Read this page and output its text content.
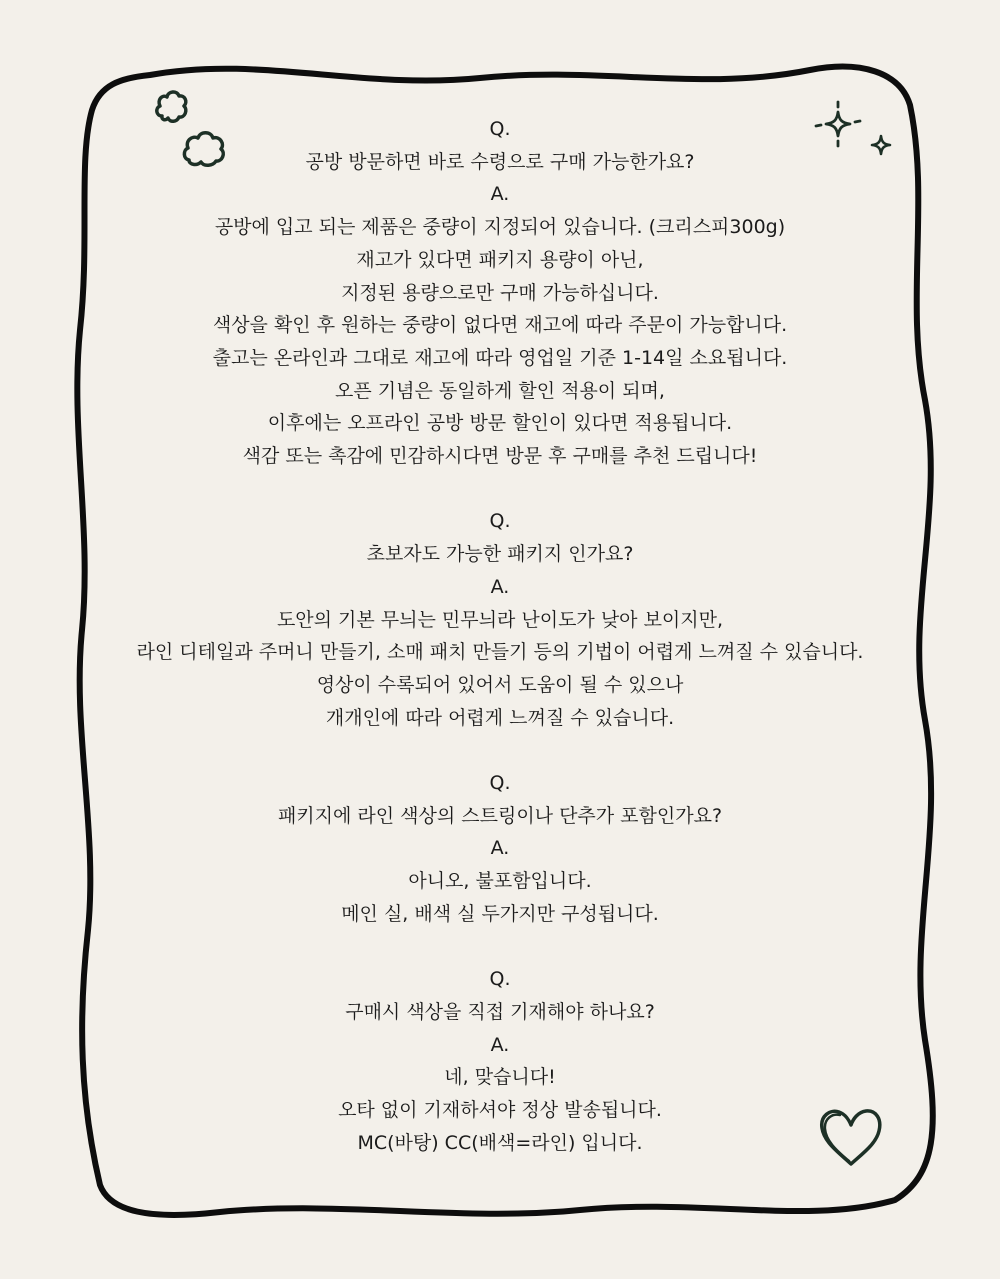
Q.
공방 방문하면 바로 수령으로 구매 가능한가요?
A.
공방에 입고 되는 제품은 중량이 지정되어 있습니다. (크리스피300g)
재고가 있다면 패키지 용량이 아닌,
지정된 용량으로만 구매 가능하십니다.
색상을 확인 후 원하는 중량이 없다면 재고에 따라 주문이 가능합니다.
출고는 온라인과 그대로 재고에 따라 영업일 기준 1-14일 소요됩니다.
오픈 기념은 동일하게 할인 적용이 되며,
이후에는 오프라인 공방 방문 할인이 있다면 적용됩니다.
색감 또는 촉감에 민감하시다면 방문 후 구매를 추천 드립니다!
Q.
초보자도 가능한 패키지 인가요?
A.
도안의 기본 무늬는 민무늬라 난이도가 낮아 보이지만,
라인 디테일과 주머니 만들기, 소매 패치 만들기 등의 기법이 어렵게 느껴질 수 있습니다.
영상이 수록되어 있어서 도움이 될 수 있으나
개개인에 따라 어렵게 느껴질 수 있습니다.
Q.
패키지에 라인 색상의 스트링이나 단추가 포함인가요?
A.
아니오, 불포함입니다.
메인 실, 배색 실 두가지만 구성됩니다.
Q.
구매시 색상을 직접 기재해야 하나요?
A.
네, 맞습니다!
오타 없이 기재하셔야 정상 발송됩니다.
MC(바탕) CC(배색=라인) 입니다.
